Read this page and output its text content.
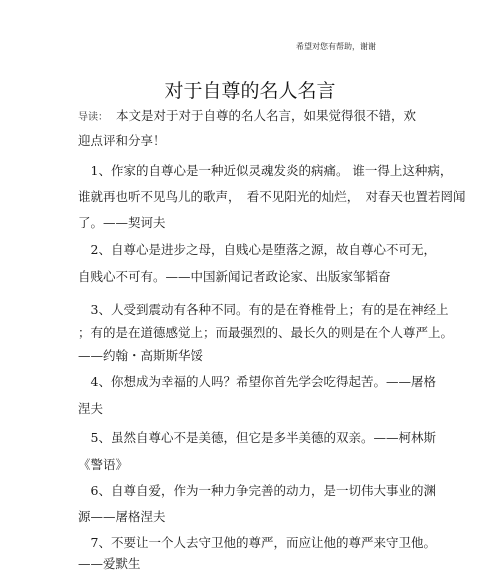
希望对您有帮助，谢谢
对于自尊的名人名言
导读： 本文是对于对于自尊的名人名言，如果觉得很不错，欢
迎点评和分享！
　1、作家的自尊心是一种近似灵魂发炎的病痛。 谁一得上这种病，
谁就再也听不见鸟儿的歌声，　看不见阳光的灿烂，　对春天也置若罔闻
了。——契诃夫
　2、自尊心是进步之母，自贱心是堕落之源，故自尊心不可无，
自贱心不可有。——中国新闻记者政论家、出版家邹韬奋
　3、人受到震动有各种不同。有的是在脊椎骨上；有的是在神经上
；有的是在道德感觉上；而最强烈的、最长久的则是在个人尊严上。
——约翰・高斯斯华馁
　4、你想成为幸福的人吗？希望你首先学会吃得起苦。——屠格
涅夫
　5、虽然自尊心不是美德，但它是多半美德的双亲。——柯林斯
《警语》
　6、自尊自爱，作为一种力争完善的动力，是一切伟大事业的渊
源——屠格涅夫
　7、不要让一个人去守卫他的尊严，而应让他的尊严来守卫他。
——爱默生
